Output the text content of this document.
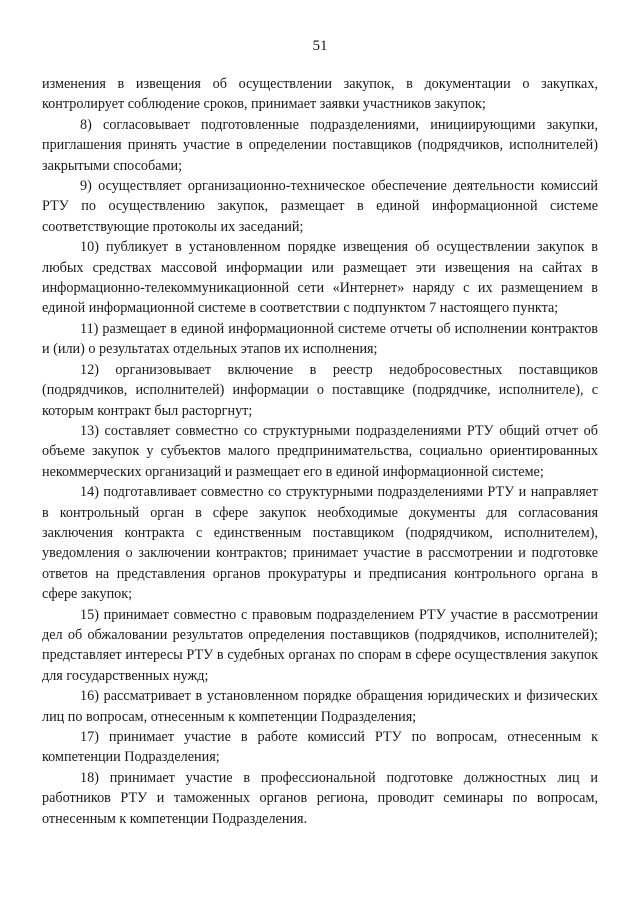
51

изменения в извещения об осуществлении закупок, в документации о закупках, контролирует соблюдение сроков, принимает заявки участников закупок;

8) согласовывает подготовленные подразделениями, инициирующими закупки, приглашения принять участие в определении поставщиков (подрядчиков, исполнителей) закрытыми способами;

9) осуществляет организационно-техническое обеспечение деятельности комиссий РТУ по осуществлению закупок, размещает в единой информационной системе соответствующие протоколы их заседаний;

10) публикует в установленном порядке извещения об осуществлении закупок в любых средствах массовой информации или размещает эти извещения на сайтах в информационно-телекоммуникационной сети «Интернет» наряду с их размещением в единой информационной системе в соответствии с подпунктом 7 настоящего пункта;

11) размещает в единой информационной системе отчеты об исполнении контрактов и (или) о результатах отдельных этапов их исполнения;

12) организовывает включение в реестр недобросовестных поставщиков (подрядчиков, исполнителей) информации о поставщике (подрядчике, исполнителе), с которым контракт был расторгнут;

13) составляет совместно со структурными подразделениями РТУ общий отчет об объеме закупок у субъектов малого предпринимательства, социально ориентированных некоммерческих организаций и размещает его в единой информационной системе;

14) подготавливает совместно со структурными подразделениями РТУ и направляет в контрольный орган в сфере закупок необходимые документы для согласования заключения контракта с единственным поставщиком (подрядчиком, исполнителем), уведомления о заключении контрактов; принимает участие в рассмотрении и подготовке ответов на представления органов прокуратуры и предписания контрольного органа в сфере закупок;

15) принимает совместно с правовым подразделением РТУ участие в рассмотрении дел об обжаловании результатов определения поставщиков (подрядчиков, исполнителей); представляет интересы РТУ в судебных органах по спорам в сфере осуществления закупок для государственных нужд;

16) рассматривает в установленном порядке обращения юридических и физических лиц по вопросам, отнесенным к компетенции Подразделения;

17) принимает участие в работе комиссий РТУ по вопросам, отнесенным к компетенции Подразделения;

18) принимает участие в профессиональной подготовке должностных лиц и работников РТУ и таможенных органов региона, проводит семинары по вопросам, отнесенным к компетенции Подразделения.
